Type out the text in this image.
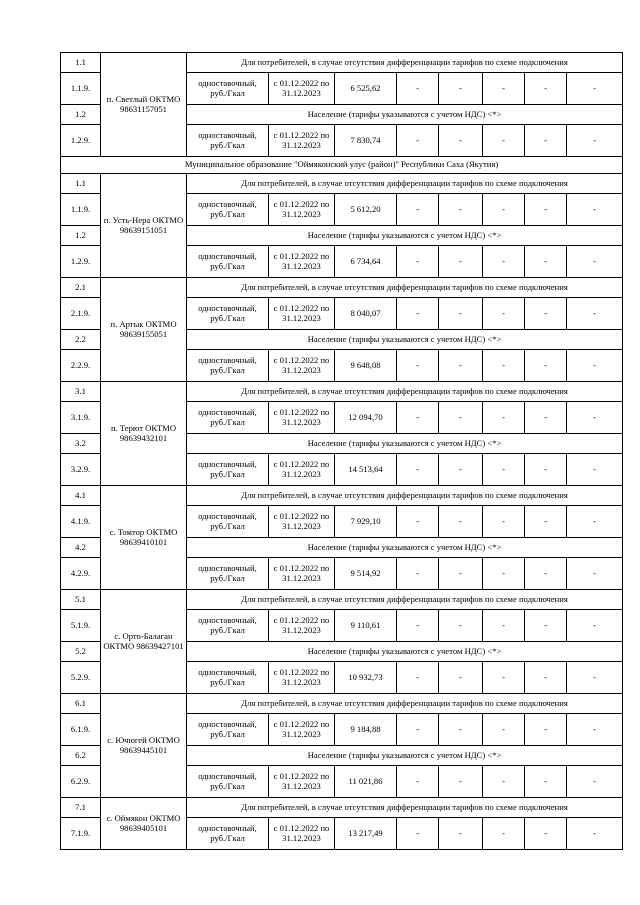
1.1	п. Светлый ОКТМО 98631157051	Для потребителей, в случае отсутствия дифференциации тарифов по схеме подключения							
1.1.9.		одноставочный, руб./Гкал	с 01.12.2022 по 31.12.2023	6 525,62	-	-	-	-	-
1.2		Население (тарифы указываются с учетом НДС) <*>							
1.2.9.		одноставочный, руб./Гкал	с 01.12.2022 по 31.12.2023	7 830,74	-	-	-	-	-
Муниципальное образование "Оймяконский улус (район)" Республики Саха (Якутия)									
1.1	п. Усть-Нера ОКТМО 98639151051	Для потребителей, в случае отсутствия дифференциации тарифов по схеме подключения							
1.1.9.		одноставочный, руб./Гкал	с 01.12.2022 по 31.12.2023	5 612,20	-	-	-	-	-
1.2		Население (тарифы указываются с учетом НДС) <*>							
1.2.9.		одноставочный, руб./Гкал	с 01.12.2022 по 31.12.2023	6 734,64	-	-	-	-	-
2.1	п. Артык ОКТМО 98639155051	Для потребителей, в случае отсутствия дифференциации тарифов по схеме подключения							
2.1.9.		одноставочный, руб./Гкал	с 01.12.2022 по 31.12.2023	8 040,07	-	-	-	-	-
2.2		Население (тарифы указываются с учетом НДС) <*>							
2.2.9.		одноставочный, руб./Гкал	с 01.12.2022 по 31.12.2023	9 648,08	-	-	-	-	-
3.1	п. Терют ОКТМО 98639432101	Для потребителей, в случае отсутствия дифференциации тарифов по схеме подключения							
3.1.9.		одноставочный, руб./Гкал	с 01.12.2022 по 31.12.2023	12 094,70	-	-	-	-	-
3.2		Население (тарифы указываются с учетом НДС) <*>							
3.2.9.		одноставочный, руб./Гкал	с 01.12.2022 по 31.12.2023	14 513,64	-	-	-	-	-
4.1	с. Томтор ОКТМО 98639410101	Для потребителей, в случае отсутствия дифференциации тарифов по схеме подключения							
4.1.9.		одноставочный, руб./Гкал	с 01.12.2022 по 31.12.2023	7 929,10	-	-	-	-	-
4.2		Население (тарифы указываются с учетом НДС) <*>							
4.2.9.		одноставочный, руб./Гкал	с 01.12.2022 по 31.12.2023	9 514,92	-	-	-	-	-
5.1	с. Орто-Балаган ОКТМО 98639427101	Для потребителей, в случае отсутствия дифференциации тарифов по схеме подключения							
5.1.9.		одноставочный, руб./Гкал	с 01.12.2022 по 31.12.2023	9 110,61	-	-	-	-	-
5.2		Население (тарифы указываются с учетом НДС) <*>							
5.2.9.		одноставочный, руб./Гкал	с 01.12.2022 по 31.12.2023	10 932,73	-	-	-	-	-
6.1	с. Ючюгей ОКТМО 98639445101	Для потребителей, в случае отсутствия дифференциации тарифов по схеме подключения							
6.1.9.		одноставочный, руб./Гкал	с 01.12.2022 по 31.12.2023	9 184,88	-	-	-	-	-
6.2		Население (тарифы указываются с учетом НДС) <*>							
6.2.9.		одноставочный, руб./Гкал	с 01.12.2022 по 31.12.2023	11 021,86	-	-	-	-	-
7.1	с. Оймякон ОКТМО 98639405101	Для потребителей, в случае отсутствия дифференциации тарифов по схеме подключения							
7.1.9.		одноставочный, руб./Гкал	с 01.12.2022 по 31.12.2023	13 217,49	-	-	-	-	-
